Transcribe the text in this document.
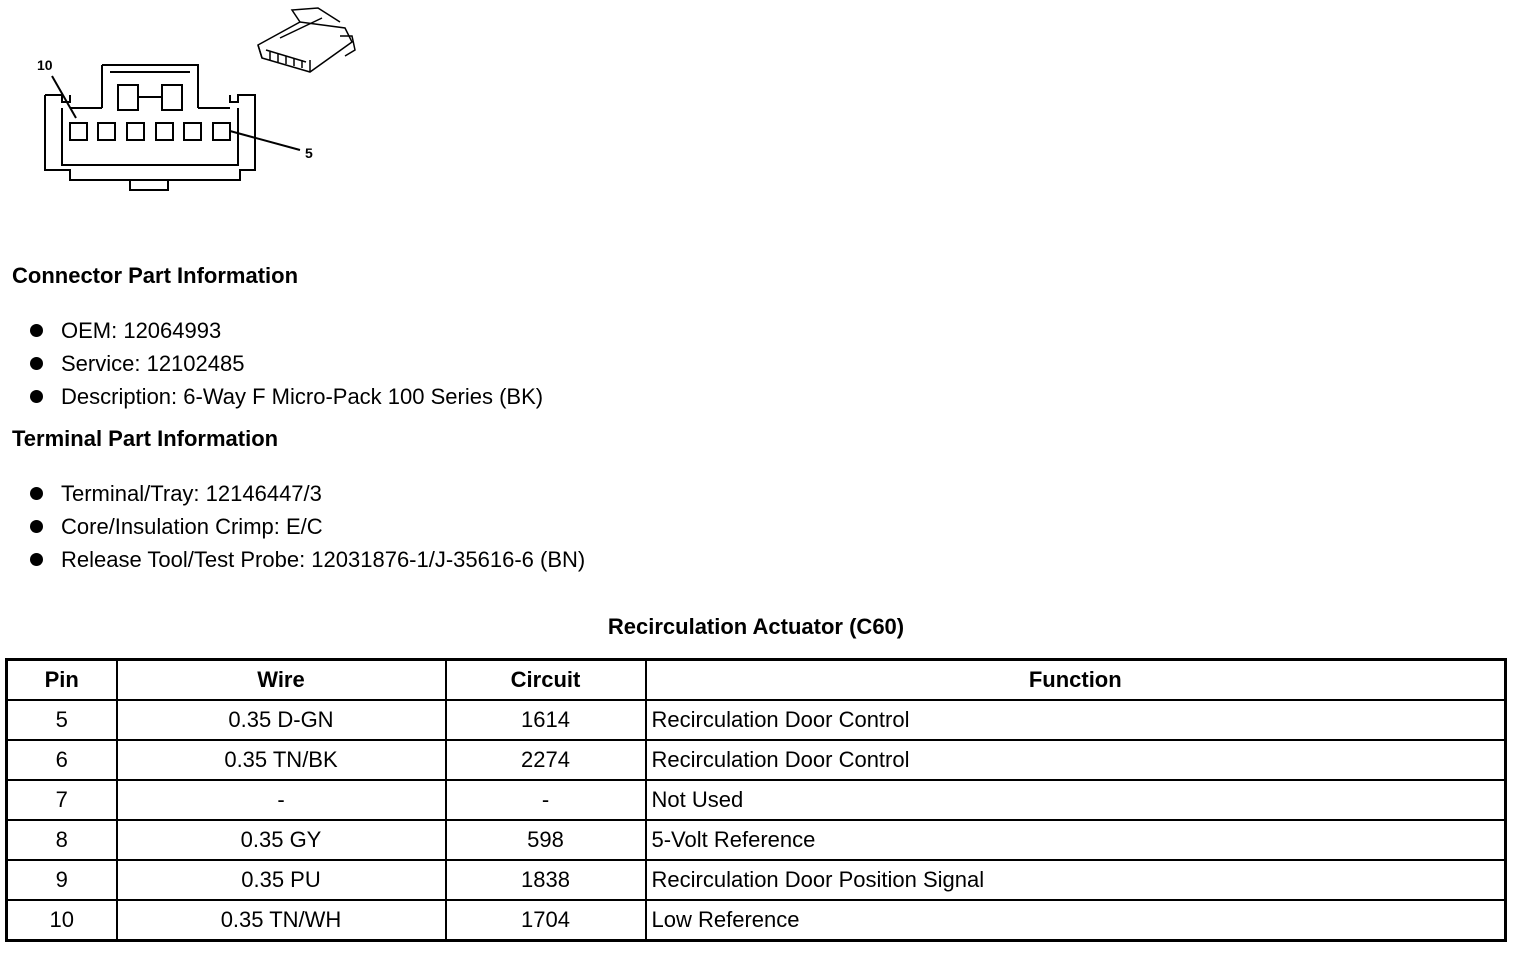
10
5
Connector Part Information
OEM: 12064993
Service: 12102485
Description: 6-Way F Micro-Pack 100 Series (BK)
Terminal Part Information
Terminal/Tray: 12146447/3
Core/Insulation Crimp: E/C
Release Tool/Test Probe: 12031876-1/J-35616-6 (BN)
Recirculation Actuator (C60)
Pin	Wire	Circuit	Function
5	0.35 D-GN	1614	Recirculation Door Control
6	0.35 TN/BK	2274	Recirculation Door Control
7	-	-	Not Used
8	0.35 GY	598	5-Volt Reference
9	0.35 PU	1838	Recirculation Door Position Signal
10	0.35 TN/WH	1704	Low Reference
